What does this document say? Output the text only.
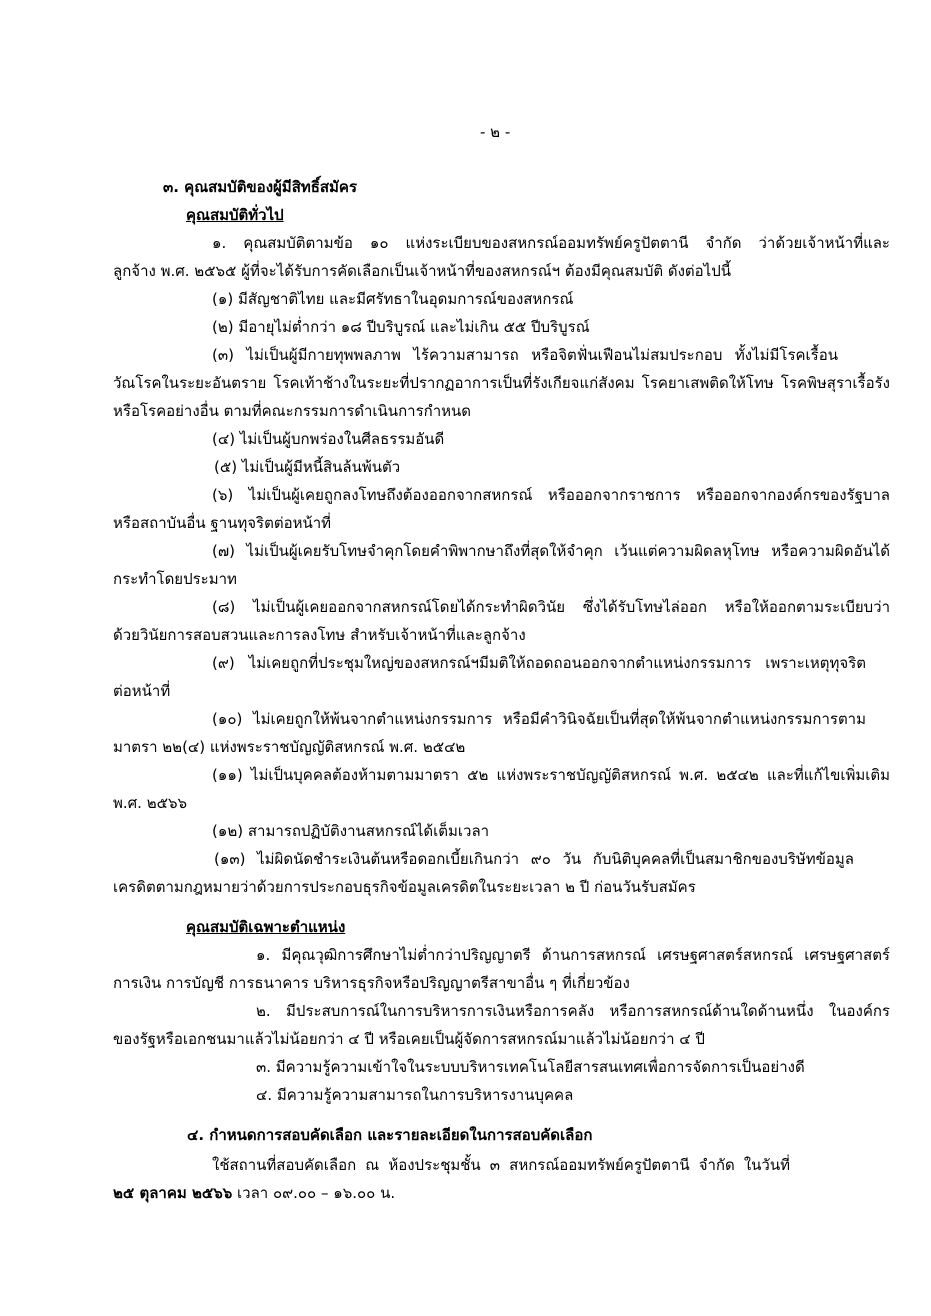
- ๒ -
๓. คุณสมบัติของผู้มีสิทธิ์สมัคร
คุณสมบัติทั่วไป
๑. คุณสมบัติตามข้อ ๑๐ แห่งระเบียบของสหกรณ์ออมทรัพย์ครูปัตตานี จำกัด ว่าด้วยเจ้าหน้าที่และ
ลูกจ้าง พ.ศ. ๒๕๖๕ ผู้ที่จะได้รับการคัดเลือกเป็นเจ้าหน้าที่ของสหกรณ์ฯ ต้องมีคุณสมบัติ ดังต่อไปนี้
(๑) มีสัญชาติไทย และมีศรัทธาในอุดมการณ์ของสหกรณ์
(๒) มีอายุไม่ต่ำกว่า ๑๘ ปีบริบูรณ์ และไม่เกิน ๕๕ ปีบริบูรณ์
(๓) ไม่เป็นผู้มีกายทุพพลภาพ ไร้ความสามารถ หรือจิตฟั่นเฟือนไม่สมประกอบ ทั้งไม่มีโรคเรื้อน
วัณโรคในระยะอันตราย โรคเท้าช้างในระยะที่ปรากฏอาการเป็นที่รังเกียจแก่สังคม โรคยาเสพติดให้โทษ โรคพิษสุราเรื้อรัง
หรือโรคอย่างอื่น ตามที่คณะกรรมการดำเนินการกำหนด
(๔) ไม่เป็นผู้บกพร่องในศีลธรรมอันดี
(๕) ไม่เป็นผู้มีหนี้สินล้นพ้นตัว
(๖) ไม่เป็นผู้เคยถูกลงโทษถึงต้องออกจากสหกรณ์ หรือออกจากราชการ หรือออกจากองค์กรของรัฐบาล
หรือสถาบันอื่น ฐานทุจริตต่อหน้าที่
(๗) ไม่เป็นผู้เคยรับโทษจำคุกโดยคำพิพากษาถึงที่สุดให้จำคุก เว้นแต่ความผิดลหุโทษ หรือความผิดอันได้
กระทำโดยประมาท
(๘) ไม่เป็นผู้เคยออกจากสหกรณ์โดยได้กระทำผิดวินัย ซึ่งได้รับโทษไล่ออก หรือให้ออกตามระเบียบว่า
ด้วยวินัยการสอบสวนและการลงโทษ สำหรับเจ้าหน้าที่และลูกจ้าง
(๙) ไม่เคยถูกที่ประชุมใหญ่ของสหกรณ์ฯมีมติให้ถอดถอนออกจากตำแหน่งกรรมการ เพราะเหตุทุจริต
ต่อหน้าที่
(๑๐) ไม่เคยถูกให้พ้นจากตำแหน่งกรรมการ หรือมีคำวินิจฉัยเป็นที่สุดให้พ้นจากตำแหน่งกรรมการตาม
มาตรา ๒๒(๔) แห่งพระราชบัญญัติสหกรณ์ พ.ศ. ๒๕๔๒
(๑๑) ไม่เป็นบุคคลต้องห้ามตามมาตรา ๕๒ แห่งพระราชบัญญัติสหกรณ์ พ.ศ. ๒๕๔๒ และที่แก้ไขเพิ่มเติม
พ.ศ. ๒๕๖๖
(๑๒) สามารถปฏิบัติงานสหกรณ์ได้เต็มเวลา
(๑๓) ไม่ผิดนัดชำระเงินต้นหรือดอกเบี้ยเกินกว่า ๙๐ วัน กับนิติบุคคลที่เป็นสมาชิกของบริษัทข้อมูล
เครดิตตามกฎหมายว่าด้วยการประกอบธุรกิจข้อมูลเครดิตในระยะเวลา ๒ ปี ก่อนวันรับสมัคร
คุณสมบัติเฉพาะตำแหน่ง
๑. มีคุณวุฒิการศึกษาไม่ต่ำกว่าปริญญาตรี ด้านการสหกรณ์ เศรษฐศาสตร์สหกรณ์ เศรษฐศาสตร์
การเงิน การบัญชี การธนาคาร บริหารธุรกิจหรือปริญญาตรีสาขาอื่น ๆ ที่เกี่ยวข้อง
๒. มีประสบการณ์ในการบริหารการเงินหรือการคลัง หรือการสหกรณ์ด้านใดด้านหนึ่ง ในองค์กร
ของรัฐหรือเอกชนมาแล้วไม่น้อยกว่า ๔ ปี หรือเคยเป็นผู้จัดการสหกรณ์มาแล้วไม่น้อยกว่า ๔ ปี
๓. มีความรู้ความเข้าใจในระบบบริหารเทคโนโลยีสารสนเทศเพื่อการจัดการเป็นอย่างดี
๔. มีความรู้ความสามารถในการบริหารงานบุคคล
๔. กำหนดการสอบคัดเลือก และรายละเอียดในการสอบคัดเลือก
ใช้สถานที่สอบคัดเลือก ณ ห้องประชุมชั้น ๓ สหกรณ์ออมทรัพย์ครูปัตตานี จำกัด ในวันที่
๒๕ ตุลาคม ๒๕๖๖ เวลา ๐๙.๐๐ – ๑๖.๐๐ น.
